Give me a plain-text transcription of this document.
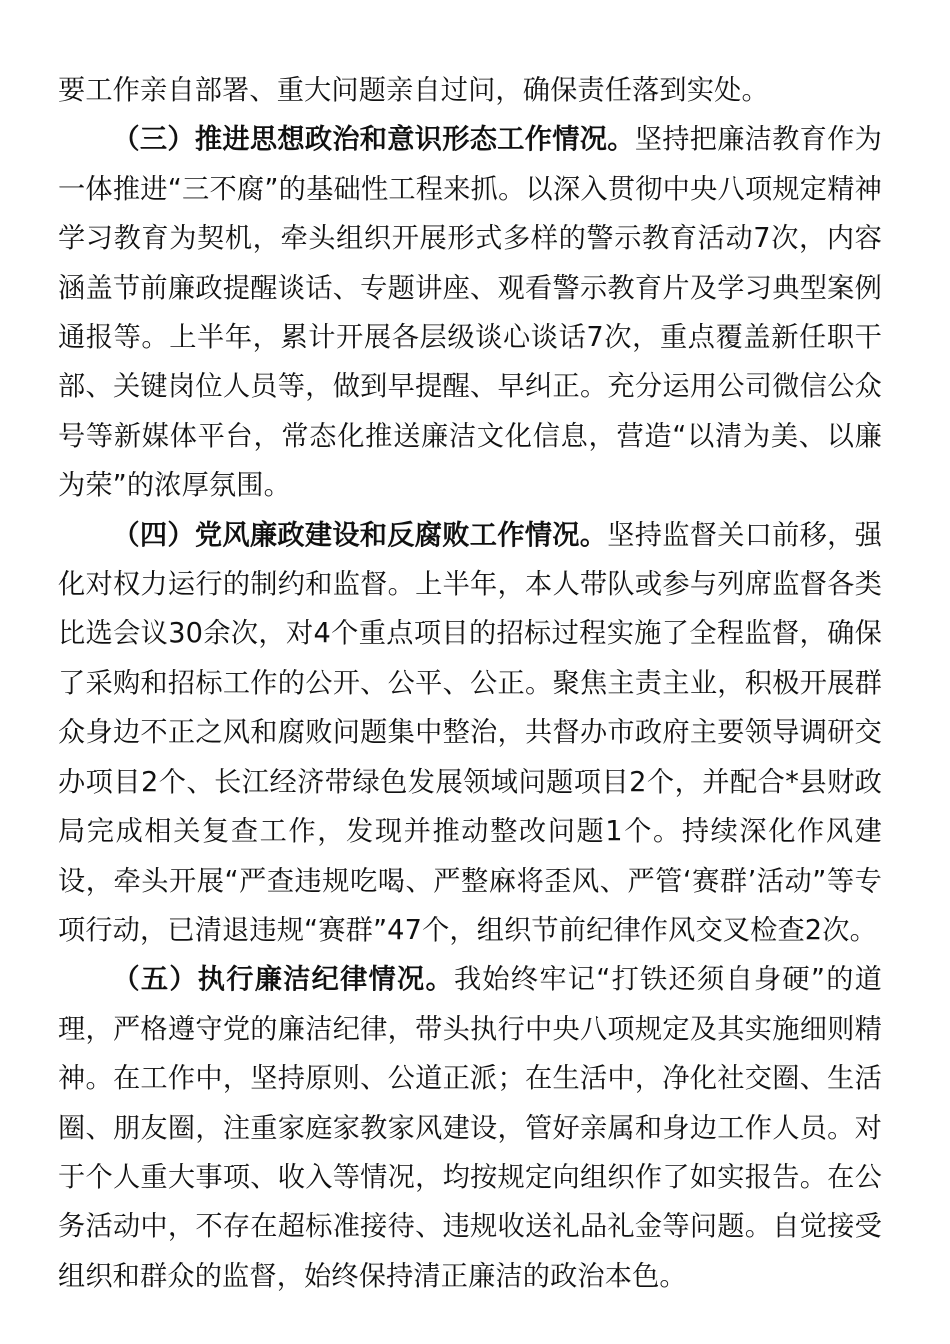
要工作亲自部署、重大问题亲自过问，确保责任落到实处。

（三）推进思想政治和意识形态工作情况。坚持把廉洁教育作为一体推进“三不腐”的基础性工程来抓。以深入贯彻中央八项规定精神学习教育为契机，牵头组织开展形式多样的警示教育活动7次，内容涵盖节前廉政提醒谈话、专题讲座、观看警示教育片及学习典型案例通报等。上半年，累计开展各层级谈心谈话7次，重点覆盖新任职干部、关键岗位人员等，做到早提醒、早纠正。充分运用公司微信公众号等新媒体平台，常态化推送廉洁文化信息，营造“以清为美、以廉为荣”的浓厚氛围。

（四）党风廉政建设和反腐败工作情况。坚持监督关口前移，强化对权力运行的制约和监督。上半年，本人带队或参与列席监督各类比选会议30余次，对4个重点项目的招标过程实施了全程监督，确保了采购和招标工作的公开、公平、公正。聚焦主责主业，积极开展群众身边不正之风和腐败问题集中整治，共督办市政府主要领导调研交办项目2个、长江经济带绿色发展领域问题项目2个，并配合*县财政局完成相关复查工作，发现并推动整改问题1个。持续深化作风建设，牵头开展“严查违规吃喝、严整麻将歪风、严管‘赛群’活动”等专项行动，已清退违规“赛群”47个，组织节前纪律作风交叉检查2次。

（五）执行廉洁纪律情况。我始终牢记“打铁还须自身硬”的道理，严格遵守党的廉洁纪律，带头执行中央八项规定及其实施细则精神。在工作中，坚持原则、公道正派；在生活中，净化社交圈、生活圈、朋友圈，注重家庭家教家风建设，管好亲属和身边工作人员。对于个人重大事项、收入等情况，均按规定向组织作了如实报告。在公务活动中，不存在超标准接待、违规收送礼品礼金等问题。自觉接受组织和群众的监督，始终保持清正廉洁的政治本色。
